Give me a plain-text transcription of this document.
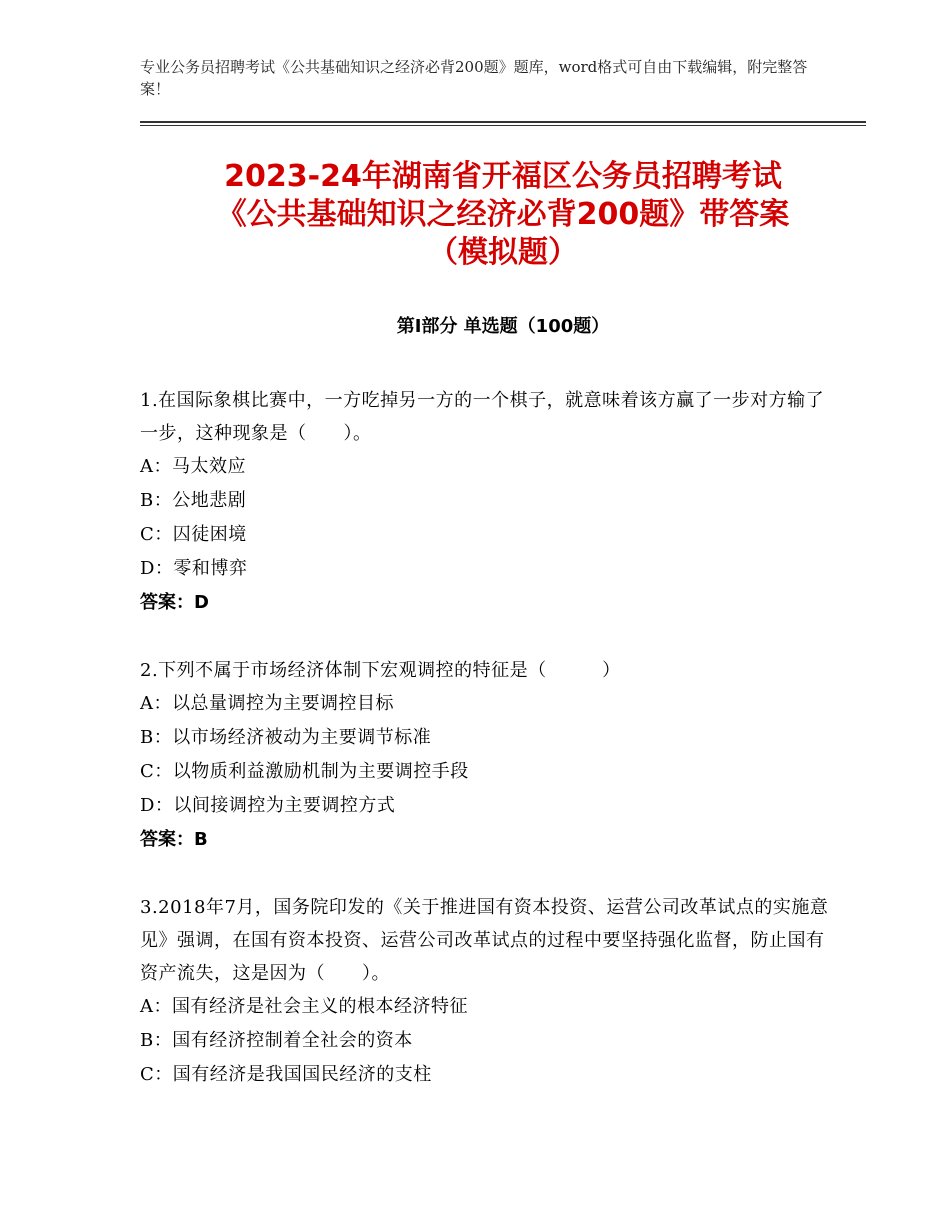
专业公务员招聘考试《公共基础知识之经济必背200题》题库，word格式可自由下载编辑，附完整答案！
2023-24年湖南省开福区公务员招聘考试
《公共基础知识之经济必背200题》带答案
（模拟题）
第Ⅰ部分 单选题（100题）
1.在国际象棋比赛中，一方吃掉另一方的一个棋子，就意味着该方赢了一步对方输了一步，这种现象是（　　）。
A：马太效应
B：公地悲剧
C：囚徒困境
D：零和博弈
答案：D
2.下列不属于市场经济体制下宏观调控的特征是（　　　）
A：以总量调控为主要调控目标
B：以市场经济被动为主要调节标准
C：以物质利益激励机制为主要调控手段
D：以间接调控为主要调控方式
答案：B
3.2018年7月，国务院印发的《关于推进国有资本投资、运营公司改革试点的实施意见》强调，在国有资本投资、运营公司改革试点的过程中要坚持强化监督，防止国有资产流失，这是因为（　　）。
A：国有经济是社会主义的根本经济特征
B：国有经济控制着全社会的资本
C：国有经济是我国国民经济的支柱
